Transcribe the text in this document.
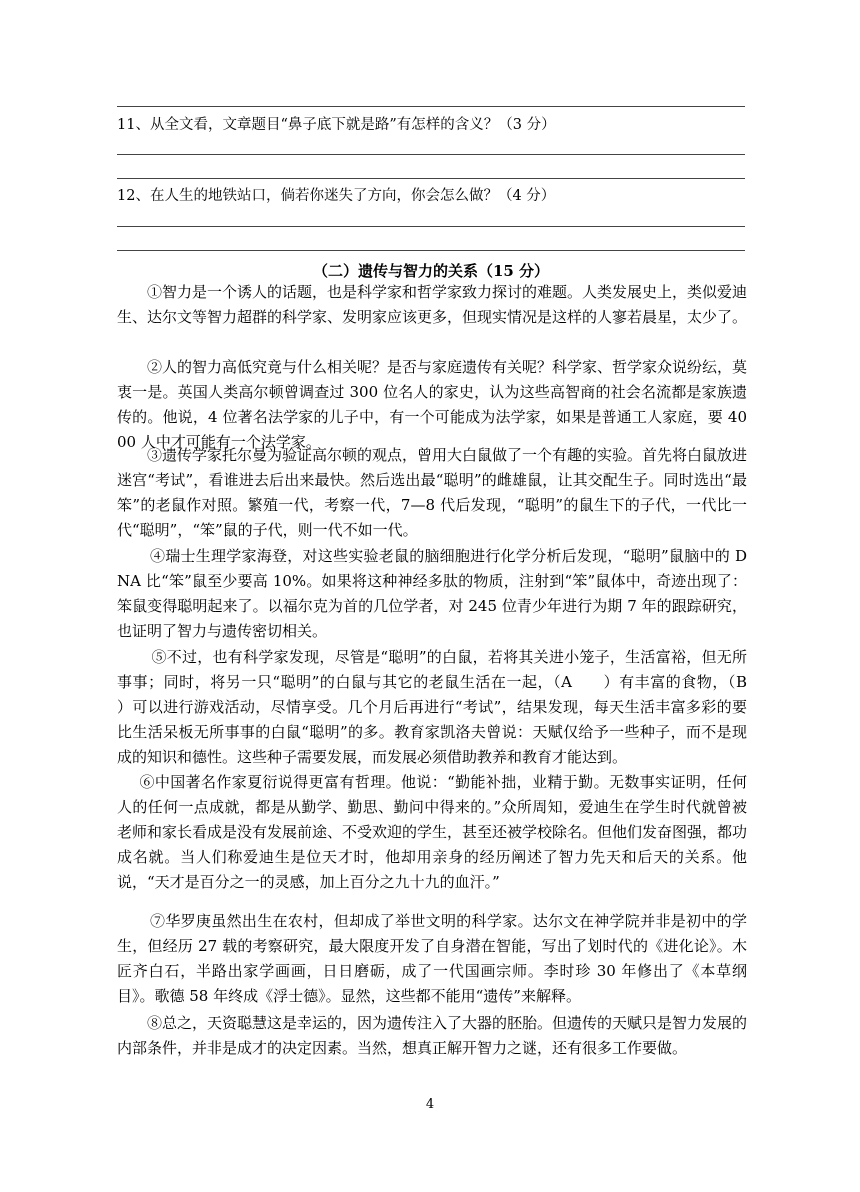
11、从全文看，文章题目“鼻子底下就是路”有怎样的含义？（3 分）
12、在人生的地铁站口，倘若你迷失了方向，你会怎么做？（4 分）
（二）遗传与智力的关系（15 分）
①智力是一个诱人的话题，也是科学家和哲学家致力探讨的难题。人类发展史上，类似爱迪生、达尔文等智力超群的科学家、发明家应该更多，但现实情况是这样的人寥若晨星，太少了。
②人的智力高低究竟与什么相关呢？是否与家庭遗传有关呢？科学家、哲学家众说纷纭，莫衷一是。英国人类高尔顿曾调查过 300 位名人的家史，认为这些高智商的社会名流都是家族遗传的。他说，4 位著名法学家的儿子中，有一个可能成为法学家，如果是普通工人家庭，要 4000 人中才可能有一个法学家。
③遗传学家托尔曼为验证高尔顿的观点，曾用大白鼠做了一个有趣的实验。首先将白鼠放进迷宫“考试”，看谁进去后出来最快。然后选出最“聪明”的雌雄鼠，让其交配生子。同时选出“最笨”的老鼠作对照。繁殖一代，考察一代，7—8 代后发现，“聪明”的鼠生下的子代，一代比一代“聪明”，“笨”鼠的子代，则一代不如一代。
④瑞士生理学家海登，对这些实验老鼠的脑细胞进行化学分析后发现，“聪明”鼠脑中的 DNA 比“笨”鼠至少要高 10%。如果将这种神经多肽的物质，注射到“笨”鼠体中，奇迹出现了：笨鼠变得聪明起来了。以福尔克为首的几位学者，对 245 位青少年进行为期 7 年的跟踪研究，也证明了智力与遗传密切相关。
⑤不过，也有科学家发现，尽管是“聪明”的白鼠，若将其关进小笼子，生活富裕，但无所事事；同时，将另一只“聪明”的白鼠与其它的老鼠生活在一起，（A　　）有丰富的食物，（B　　）可以进行游戏活动，尽情享受。几个月后再进行“考试”，结果发现，每天生活丰富多彩的要比生活呆板无所事事的白鼠“聪明”的多。教育家凯洛夫曾说：天赋仅给予一些种子，而不是现成的知识和德性。这些种子需要发展，而发展必须借助教养和教育才能达到。
⑥中国著名作家夏衍说得更富有哲理。他说：“勤能补拙，业精于勤。无数事实证明，任何人的任何一点成就，都是从勤学、勤思、勤问中得来的。”众所周知，爱迪生在学生时代就曾被老师和家长看成是没有发展前途、不受欢迎的学生，甚至还被学校除名。但他们发奋图强，都功成名就。当人们称爱迪生是位天才时，他却用亲身的经历阐述了智力先天和后天的关系。他说，“天才是百分之一的灵感，加上百分之九十九的血汗。”
⑦华罗庚虽然出生在农村，但却成了举世文明的科学家。达尔文在神学院并非是初中的学生，但经历 27 载的考察研究，最大限度开发了自身潜在智能，写出了划时代的《进化论》。木匠齐白石，半路出家学画画，日日磨砺，成了一代国画宗师。李时珍 30 年修出了《本草纲目》。歌德 58 年终成《浮士德》。显然，这些都不能用“遗传”来解释。
⑧总之，天资聪慧这是幸运的，因为遗传注入了大器的胚胎。但遗传的天赋只是智力发展的内部条件，并非是成才的决定因素。当然，想真正解开智力之谜，还有很多工作要做。
4
